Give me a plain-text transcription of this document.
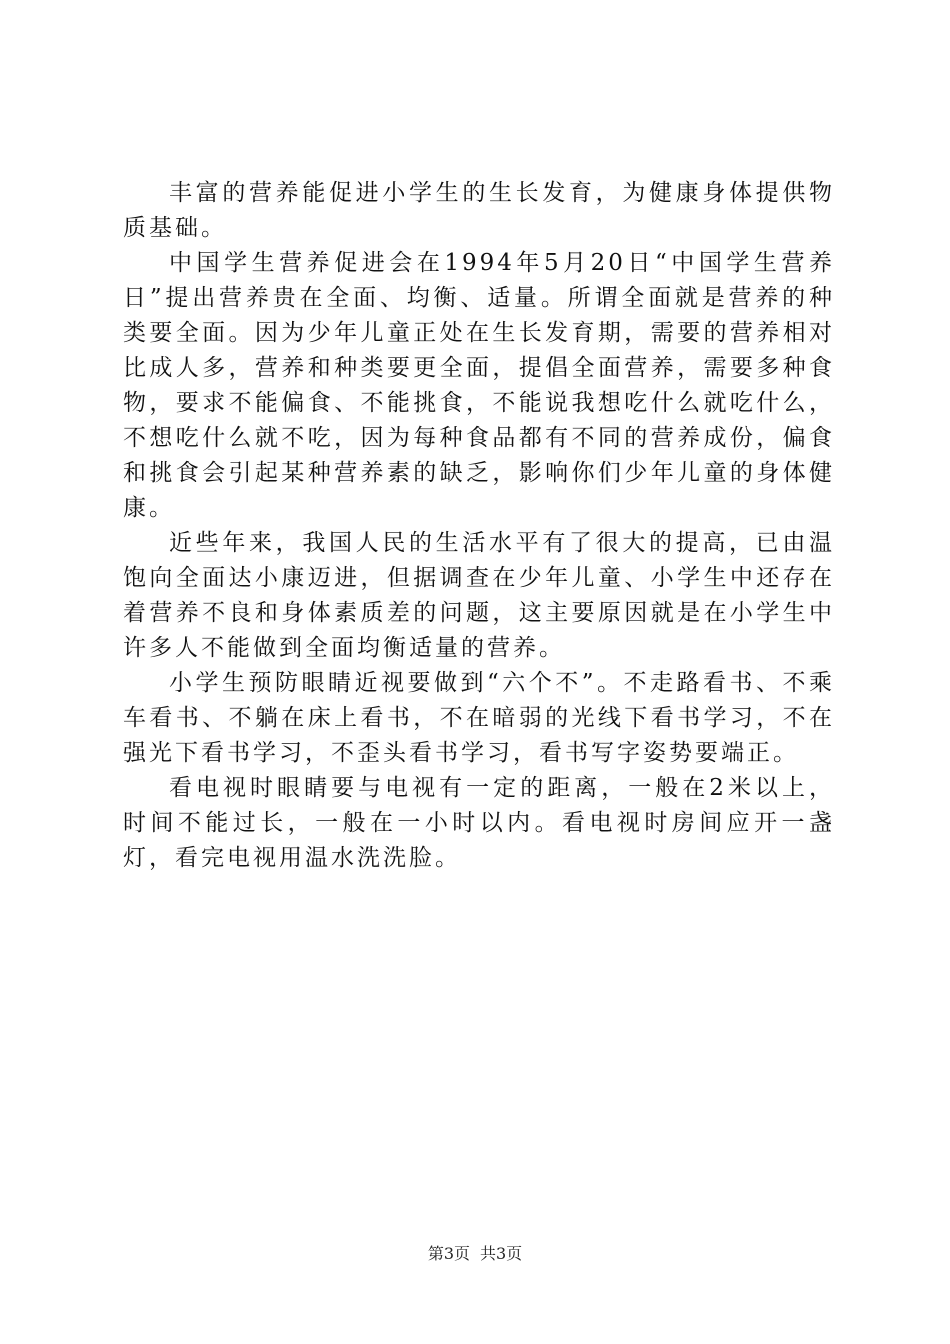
丰富的营养能促进小学生的生长发育，为健康身体提供物质基础。

中国学生营养促进会在1994年5月20日“中国学生营养日”提出营养贵在全面、均衡、适量。所谓全面就是营养的种类要全面。因为少年儿童正处在生长发育期，需要的营养相对比成人多，营养和种类要更全面，提倡全面营养，需要多种食物，要求不能偏食、不能挑食，不能说我想吃什么就吃什么，不想吃什么就不吃，因为每种食品都有不同的营养成份，偏食和挑食会引起某种营养素的缺乏，影响你们少年儿童的身体健康。

近些年来，我国人民的生活水平有了很大的提高，已由温饱向全面达小康迈进，但据调查在少年儿童、小学生中还存在着营养不良和身体素质差的问题，这主要原因就是在小学生中许多人不能做到全面均衡适量的营养。

小学生预防眼睛近视要做到“六个不”。不走路看书、不乘车看书、不躺在床上看书，不在暗弱的光线下看书学习，不在强光下看书学习，不歪头看书学习，看书写字姿势要端正。

看电视时眼睛要与电视有一定的距离，一般在2米以上，时间不能过长，一般在一小时以内。看电视时房间应开一盏灯，看完电视用温水洗洗脸。

第3页 共3页
